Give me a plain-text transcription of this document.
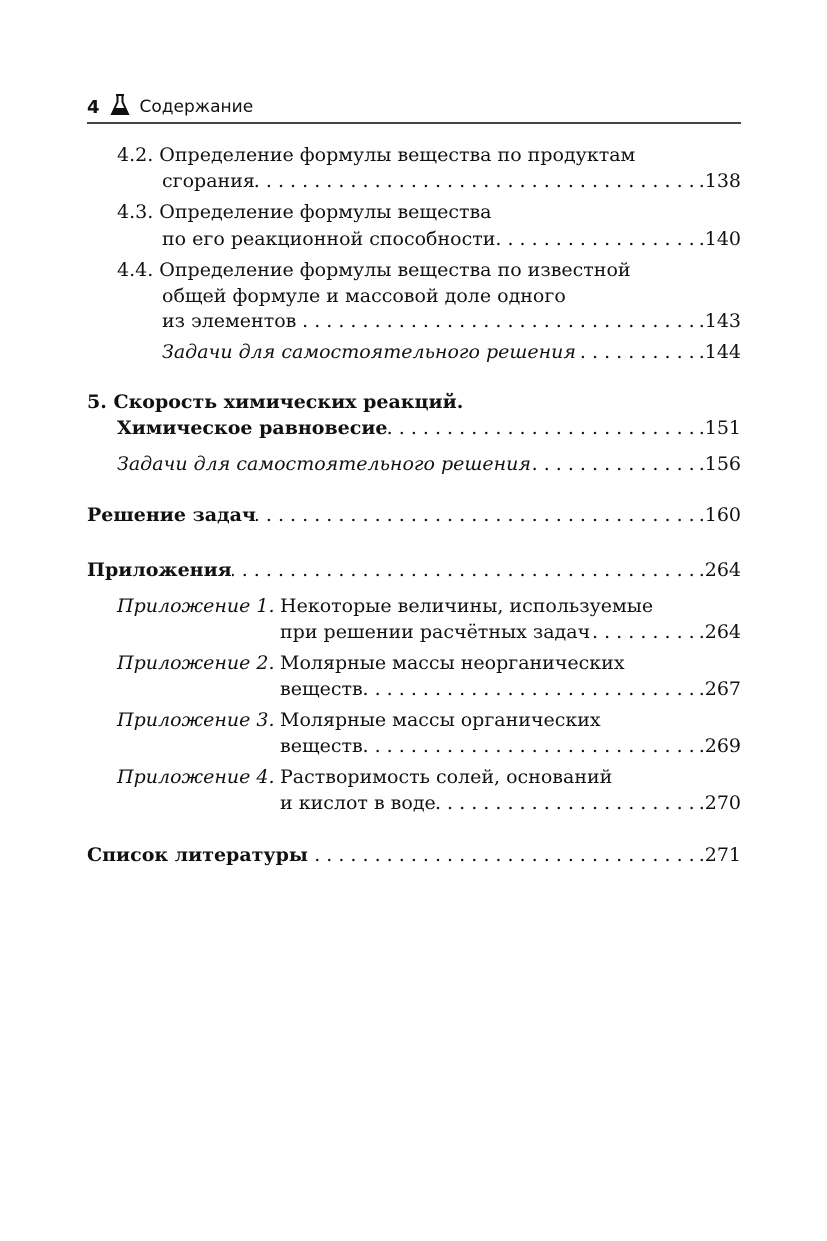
4 Содержание
4.2. Определение формулы вещества по продуктам
сгорания . . .	.138
4.3. Определение формулы вещества
по его реакционной способности . . .	.140
4.4. Определение формулы вещества по известной
общей формуле и массовой доле одного
из элементов . . .	.143
Задачи для самостоятельного решения . . .	.144
5. Скорость химических реакций.
Химическое равновесие . . .	.151
Задачи для самостоятельного решения . . .	.156
Решение задач . . .	.160
Приложения . . .	.264
Приложение 1. Некоторые величины, используемые
при решении расчётных задач . . .	.264
Приложение 2. Молярные массы неорганических
веществ . . .	.267
Приложение 3. Молярные массы органических
веществ . . .	.269
Приложение 4. Растворимость солей, оснований
и кислот в воде . . .	.270
Список литературы . . .	.271
